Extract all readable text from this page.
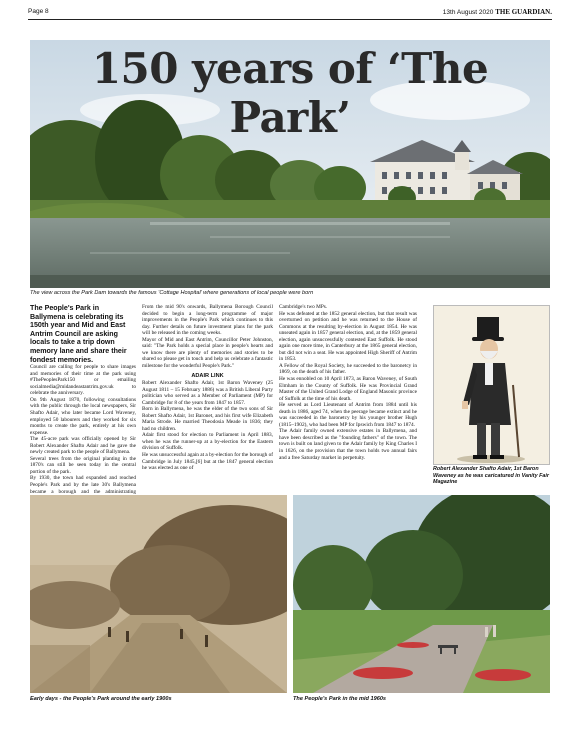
Page 8	13th August 2020 THE GUARDIAN.
150 years of ‘The Park’
The view across the Park Dam towards the famous ‘Cottage Hospital’ where generations of local people were born

The People's Park in Ballymena is celebrating its 150th year and Mid and East Antrim Council are asking locals to take a trip down memory lane and share their fondest memories.

Council are calling for people to share images and memories of their time at the park using #ThePeoplesPark150 or emailing socialmedia@midandeastantrim.gov.uk to celebrate the anniversary.

On 9th August 1870, following consultations with the public through the local newspapers, Sir Shafto Adair, who later became Lord Waveney, employed 50 labourers and they worked for six months to create the park, entirely at his own expense.

The 45-acre park was officially opened by Sir Robert Alexander Shafto Adair and he gave the newly created park to the people of Ballymena.

Several trees from the original planting in the 1870's can still be seen today in the central portion of the park.

By 1930, the town had expanded and reached People's Park and by the late 30's Ballymena became a borough and the administrating

From the mid 90's onwards, Ballymena Borough Council decided to begin a long-term programme of major improvements in the People's Park which continues to this day. Further details on future investment plans for the park will be released in the coming weeks.

Mayor of Mid and East Antrim, Councillor Peter Johnston, said: "The Park holds a special place in people's hearts and we know there are plenty of memories and stories to be shared so please get in touch and help us celebrate a fantastic milestone for the wonderful People's Park."

ADAIR LINK

Robert Alexander Shafto Adair, 1st Baron Waveney (25 August 1811 – 15 February 1886) was a British Liberal Party politician who served as a Member of Parliament (MP) for Cambridge for 8 of the years from 1847 to 1857.

Born in Ballymena, he was the elder of the two sons of Sir Robert Shafto Adair, 1st Baronet, and his first wife Elizabeth Maria Strode. He married Theodosia Meade in 1836; they had no children.

Adair first stood for election to Parliament in April 1883, when he was the runner-up at a by-election for the Eastern division of Suffolk.

He was unsuccessful again at a by-election for the borough of Cambridge in July 1845,[6] but at the 1847 general election he was elected as one of

Cambridge's two MPs.

He was defeated at the 1852 general election, but that result was overturned on petition and he was returned to the House of Commons at the resulting by-election in August 1854. He was unseated again in 1857 general election, and, at the 1859 general election, again unsuccessfully contested East Suffolk. He stood again one more time, in Canterbury at the 1865 general election, but did not win a seat. He was appointed High Sheriff of Antrim in 1853.

A Fellow of the Royal Society, he succeeded to the baronetcy in 1869, on the death of his father.

He was ennobled on 10 April 1873, as Baron Waveney, of South Elmham in the County of Suffolk. He was Provincial Grand Master of the United Grand Lodge of England Masonic province of Suffolk at the time of his death.

He served as Lord Lieutenant of Antrim from 1884 until his death in 1886, aged 74, when the peerage became extinct and he was succeeded in the baronetcy by his younger brother Hugh (1815–1902), who had been MP for Ipswich from 1847 to 1874.

The Adair family owned extensive estates in Ballymena, and have been described as the "founding fathers" of the town. The town is built on land given to the Adair family by King Charles I in 1626, on the provision that the town holds two annual fairs and a free Saturday market in perpetuity.

Robert Alexander Shafto Adair, 1st Baron Waveney as he was caricatured in Vanity Fair Magazine
Early days - the People's Park around the early 1900s	The People's Park in the mid 1960s
